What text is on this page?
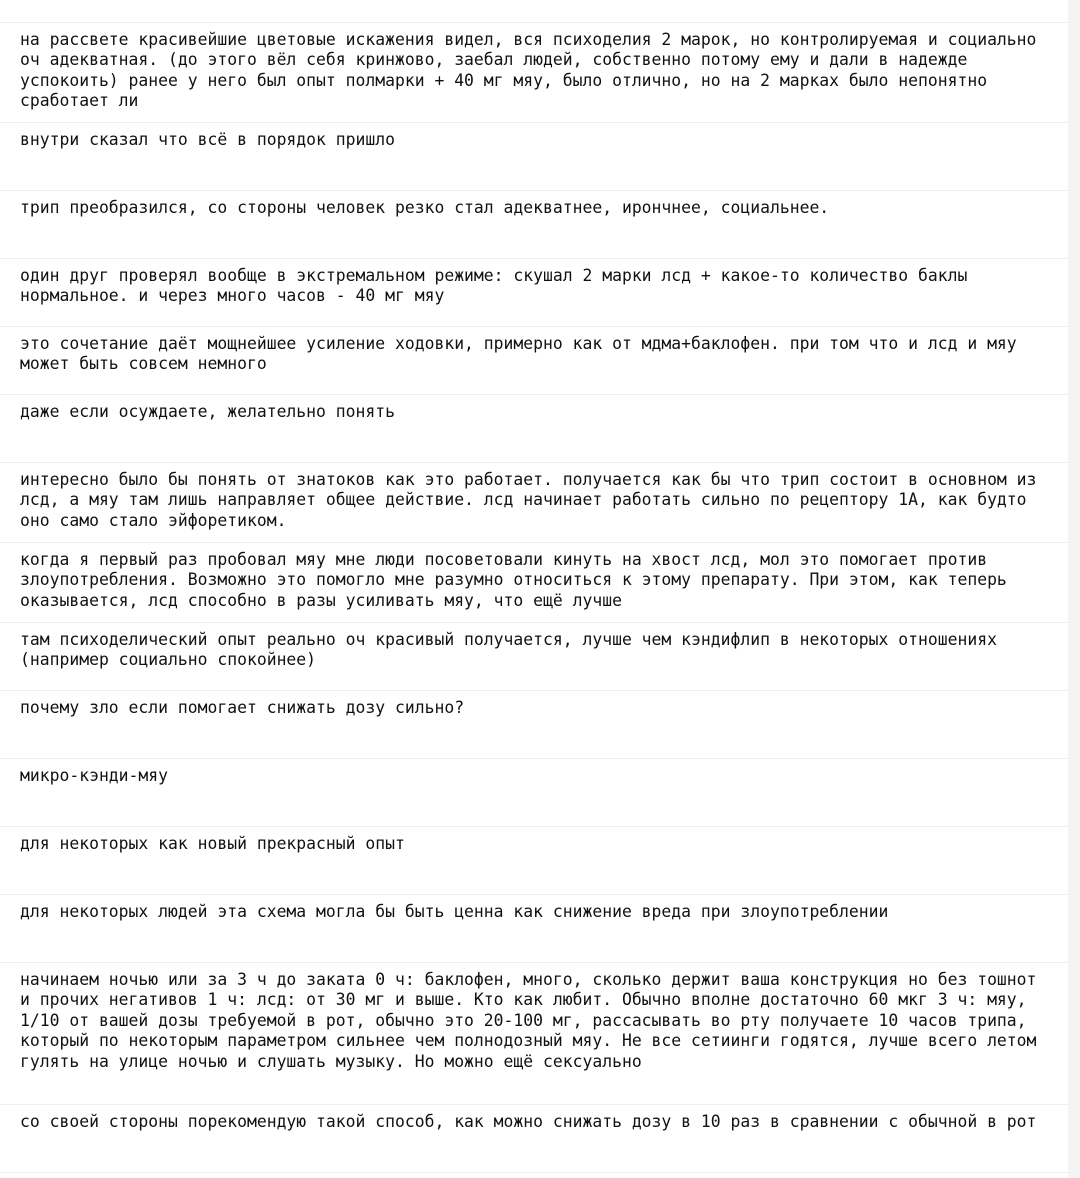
на рассвете красивейшие цветовые искажения видел, вся психоделия 2 марок, но контролируемая и социально оч адекватная. (до этого вёл себя кринжово, заебал людей, собственно потому ему и дали в надежде успокоить) ранее у него был опыт полмарки + 40 мг мяу, было отлично, но на 2 марках было непонятно сработает ли

внутри сказал что всё в порядок пришло

трип преобразился, со стороны человек резко стал адекватнее, ирончнее, социальнее.

один друг проверял вообще в экстремальном режиме: скушал 2 марки лсд + какое-то количество баклы нормальное. и через много часов - 40 мг мяу

это сочетание даёт мощнейшее усиление ходовки, примерно как от мдма+баклофен. при том что и лсд и мяу может быть совсем немного

даже если осуждаете, желательно понять

интересно было бы понять от знатоков как это работает. получается как бы что трип состоит в основном из лсд, а мяу там лишь направляет общее действие. лсд начинает работать сильно по рецептору 1A, как будто оно само стало эйфоретиком.

когда я первый раз пробовал мяу мне люди посоветовали кинуть на хвост лсд, мол это помогает против злоупотребления. Возможно это помогло мне разумно относиться к этому препарату. При этом, как теперь оказывается, лсд способно в разы усиливать мяу, что ещё лучше

там психоделический опыт реально оч красивый получается, лучше чем кэндифлип в некоторых отношениях (например социально спокойнее)

почему зло если помогает снижать дозу сильно?

микро-кэнди-мяу

для некоторых как новый прекрасный опыт

для некоторых людей эта схема могла бы быть ценна как снижение вреда при злоупотреблении

начинаем ночью или за 3 ч до заката 0 ч: баклофен, много, сколько держит ваша конструкция но без тошнот и прочих негативов 1 ч: лсд: от 30 мг и выше. Кто как любит. Обычно вполне достаточно 60 мкг 3 ч: мяу, 1/10 от вашей дозы требуемой в рот, обычно это 20-100 мг, рассасывать во рту получаете 10 часов трипа, который по некоторым параметром сильнее чем полнодозный мяу. Не все сетиинги годятся, лучше всего летом гулять на улице ночью и слушать музыку. Но можно ещё сексуально

со своей стороны порекомендую такой способ, как можно снижать дозу в 10 раз в сравнении с обычной в рот
